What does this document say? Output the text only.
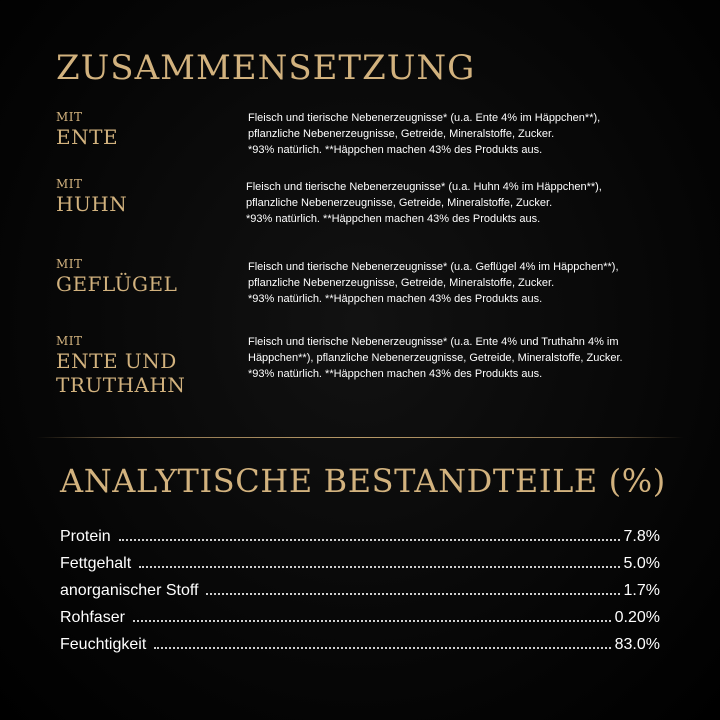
ZUSAMMENSETZUNG
MIT
ENTE
Fleisch und tierische Nebenerzeugnisse* (u.a. Ente 4% im Häppchen**),
pflanzliche Nebenerzeugnisse, Getreide, Mineralstoffe, Zucker.
*93% natürlich. **Häppchen machen 43% des Produkts aus.
MIT
HUHN
Fleisch und tierische Nebenerzeugnisse* (u.a. Huhn 4% im Häppchen**),
pflanzliche Nebenerzeugnisse, Getreide, Mineralstoffe, Zucker.
*93% natürlich. **Häppchen machen 43% des Produkts aus.
MIT
GEFLÜGEL
Fleisch und tierische Nebenerzeugnisse* (u.a. Geflügel 4% im Häppchen**),
pflanzliche Nebenerzeugnisse, Getreide, Mineralstoffe, Zucker.
*93% natürlich. **Häppchen machen 43% des Produkts aus.
MIT
ENTE UND
TRUTHAHN
Fleisch und tierische Nebenerzeugnisse* (u.a. Ente 4% und Truthahn 4% im
Häppchen**), pflanzliche Nebenerzeugnisse, Getreide, Mineralstoffe, Zucker.
*93% natürlich. **Häppchen machen 43% des Produkts aus.
ANALYTISCHE BESTANDTEILE (%)
Protein	7.8%
Fettgehalt	5.0%
anorganischer Stoff	1.7%
Rohfaser	0.20%
Feuchtigkeit	83.0%
